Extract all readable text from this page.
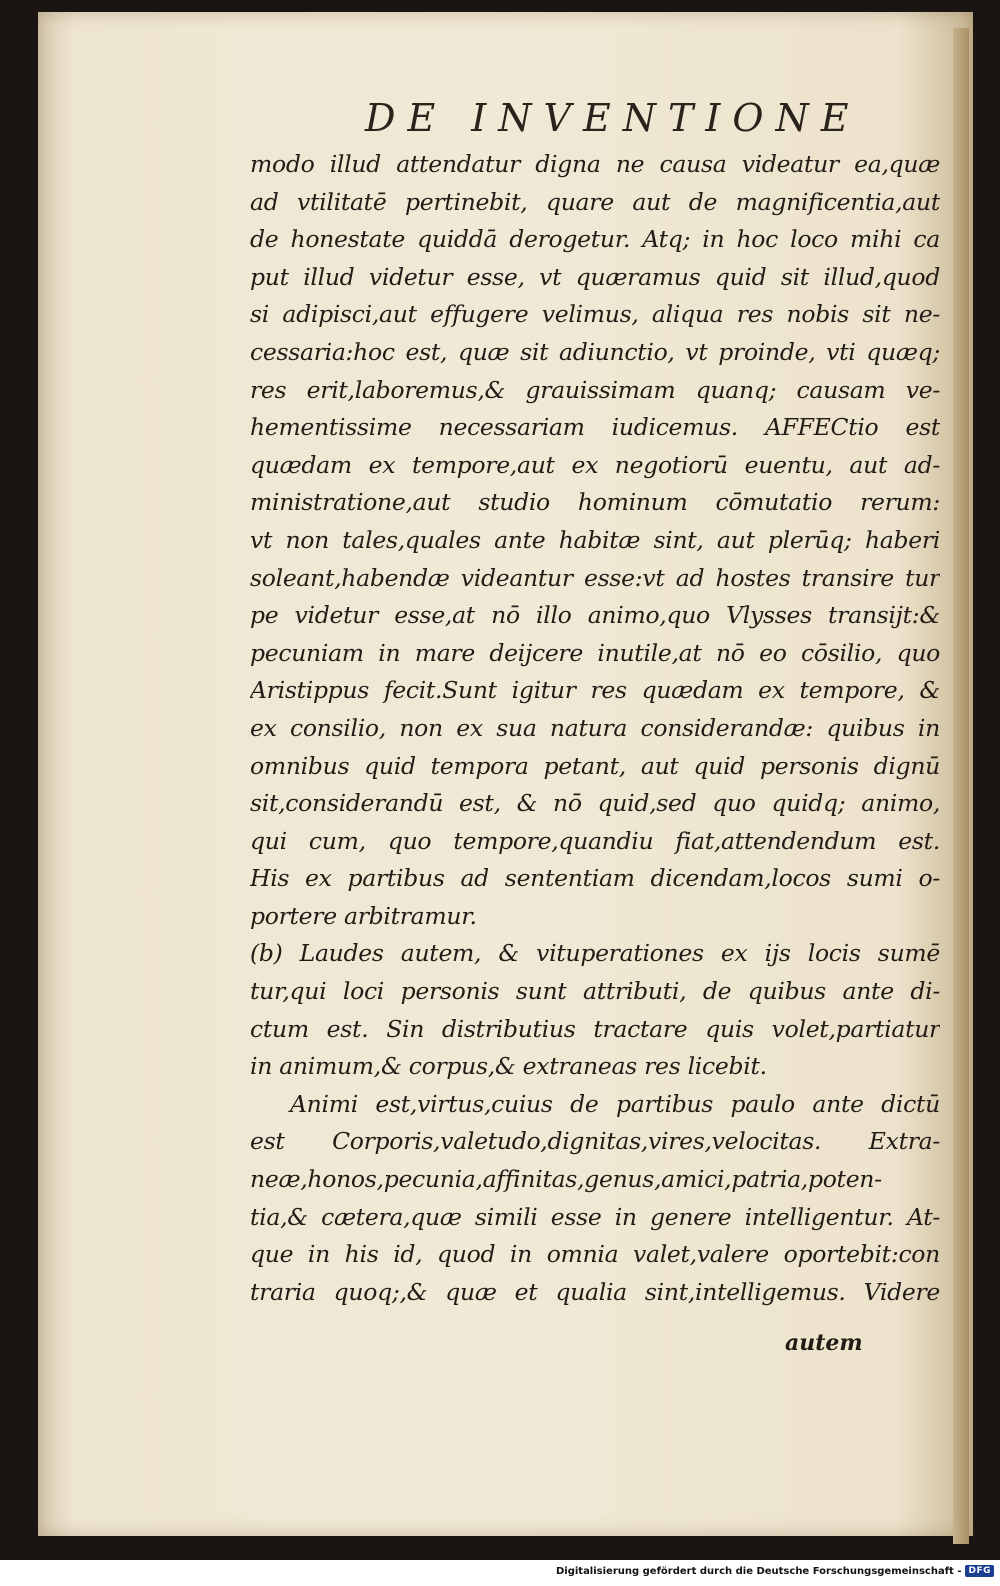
DE INVENTIONE
modo illud attendatur digna ne causa videatur ea,quæ
ad vtilitatē pertinebit, quare aut de magnificentia,aut
de honestate quiddā derogetur. Atq; in hoc loco mihi ca
put illud videtur esse, vt quæramus quid sit illud,quod
si adipisci,aut effugere velimus, aliqua res nobis sit ne-
cessaria:hoc est, quæ sit adiunctio, vt proinde, vti quæq;
res erit,laboremus,& grauissimam quanq; causam ve-
hementissime necessariam iudicemus. AFFECtio est
quædam ex tempore,aut ex negotiorū euentu, aut ad-
ministratione,aut studio hominum cōmutatio rerum:
vt non tales,quales ante habitæ sint, aut plerūq; haberi
soleant,habendæ videantur esse:vt ad hostes transire tur
pe videtur esse,at nō illo animo,quo Vlysses transijt:&
pecuniam in mare deijcere inutile,at nō eo cōsilio, quo
Aristippus fecit.Sunt igitur res quædam ex tempore, &
ex consilio, non ex sua natura considerandæ: quibus in
omnibus quid tempora petant, aut quid personis dignū
sit,considerandū est, & nō quid,sed quo quidq; animo,
qui cum, quo tempore,quandiu fiat,attendendum est.
His ex partibus ad sententiam dicendam,locos sumi o-
portere arbitramur.
(b) Laudes autem, & vituperationes ex ijs locis sumē
tur,qui loci personis sunt attributi, de quibus ante di-
ctum est. Sin distributius tractare quis volet,partiatur
in animum,& corpus,& extraneas res licebit.
Animi est,virtus,cuius de partibus paulo ante dictū
est Corporis,valetudo,dignitas,vires,velocitas. Extra-
neæ,honos,pecunia,affinitas,genus,amici,patria,poten-
tia,& cætera,quæ simili esse in genere intelligentur. At-
que in his id, quod in omnia valet,valere oportebit:con
traria quoq;,& quæ et qualia sint,intelligemus. Videre
autem
Digitalisierung gefördert durch die Deutsche Forschungsgemeinschaft - DFG
